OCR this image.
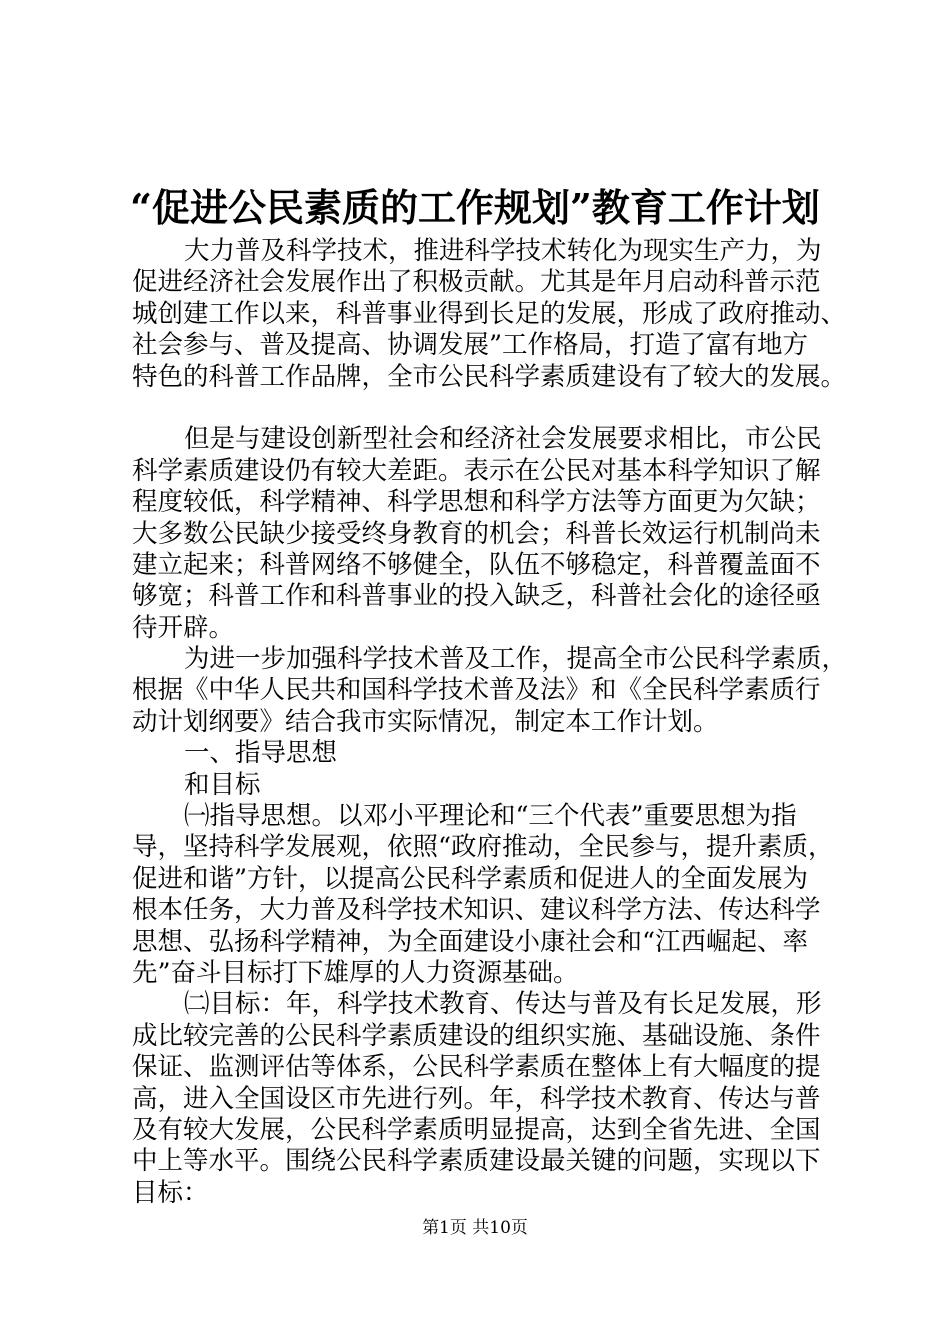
“促进公民素质的工作规划”教育工作计划
大力普及科学技术，推进科学技术转化为现实生产力，为
促进经济社会发展作出了积极贡献。尤其是年月启动科普示范
城创建工作以来，科普事业得到长足的发展，形成了政府推动、
社会参与、普及提高、协调发展”工作格局，打造了富有地方
特色的科普工作品牌，全市公民科学素质建设有了较大的发展。
但是与建设创新型社会和经济社会发展要求相比，市公民
科学素质建设仍有较大差距。表示在公民对基本科学知识了解
程度较低，科学精神、科学思想和科学方法等方面更为欠缺；
大多数公民缺少接受终身教育的机会；科普长效运行机制尚未
建立起来；科普网络不够健全，队伍不够稳定，科普覆盖面不
够宽；科普工作和科普事业的投入缺乏，科普社会化的途径亟
待开辟。
为进一步加强科学技术普及工作，提高全市公民科学素质，
根据《中华人民共和国科学技术普及法》和《全民科学素质行
动计划纲要》结合我市实际情况，制定本工作计划。
一、指导思想
和目标
㈠指导思想。以邓小平理论和“三个代表”重要思想为指
导，坚持科学发展观，依照“政府推动，全民参与，提升素质，
促进和谐”方针，以提高公民科学素质和促进人的全面发展为
根本任务，大力普及科学技术知识、建议科学方法、传达科学
思想、弘扬科学精神，为全面建设小康社会和“江西崛起、率
先”奋斗目标打下雄厚的人力资源基础。
㈡目标：年，科学技术教育、传达与普及有长足发展，形
成比较完善的公民科学素质建设的组织实施、基础设施、条件
保证、监测评估等体系，公民科学素质在整体上有大幅度的提
高，进入全国设区市先进行列。年，科学技术教育、传达与普
及有较大发展，公民科学素质明显提高，达到全省先进、全国
中上等水平。围绕公民科学素质建设最关键的问题，实现以下
目标：
第1页 共10页
